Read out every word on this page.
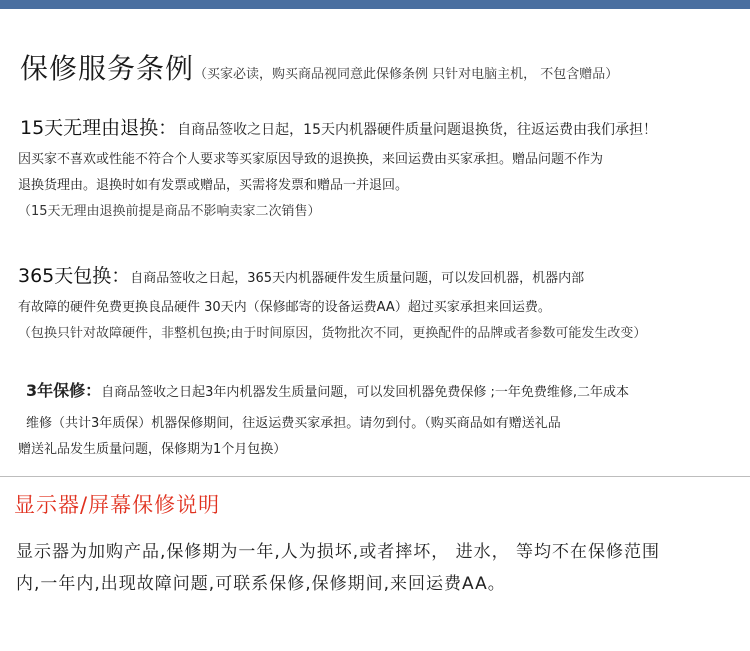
保修服务条例（买家必读，购买商品视同意此保修条例 只针对电脑主机， 不包含赠品）
15天无理由退换：自商品签收之日起，15天内机器硬件质量问题退换货，往返运费由我们承担！
因买家不喜欢或性能不符合个人要求等买家原因导致的退换换，来回运费由买家承担。赠品问题不作为
退换货理由。退换时如有发票或赠品，买需将发票和赠品一并退回。
（15天无理由退换前提是商品不影响卖家二次销售）
365天包换：自商品签收之日起，365天内机器硬件发生质量问题，可以发回机器，机器内部
有故障的硬件免费更换良品硬件 30天内（保修邮寄的设备运费AA）超过买家承担来回运费。
（包换只针对故障硬件，非整机包换;由于时间原因，货物批次不同，更换配件的品牌或者参数可能发生改变）
3年保修：自商品签收之日起3年内机器发生质量问题，可以发回机器免费保修 ;一年免费维修,二年成本
维修（共计3年质保）机器保修期间，往返运费买家承担。请勿到付。（购买商品如有赠送礼品
赠送礼品发生质量问题，保修期为1个月包换）
显示器/屏幕保修说明
显示器为加购产品,保修期为一年,人为损坏,或者摔坏， 进水， 等均不在保修范围
内,一年内,出现故障问题,可联系保修,保修期间,来回运费AA。
